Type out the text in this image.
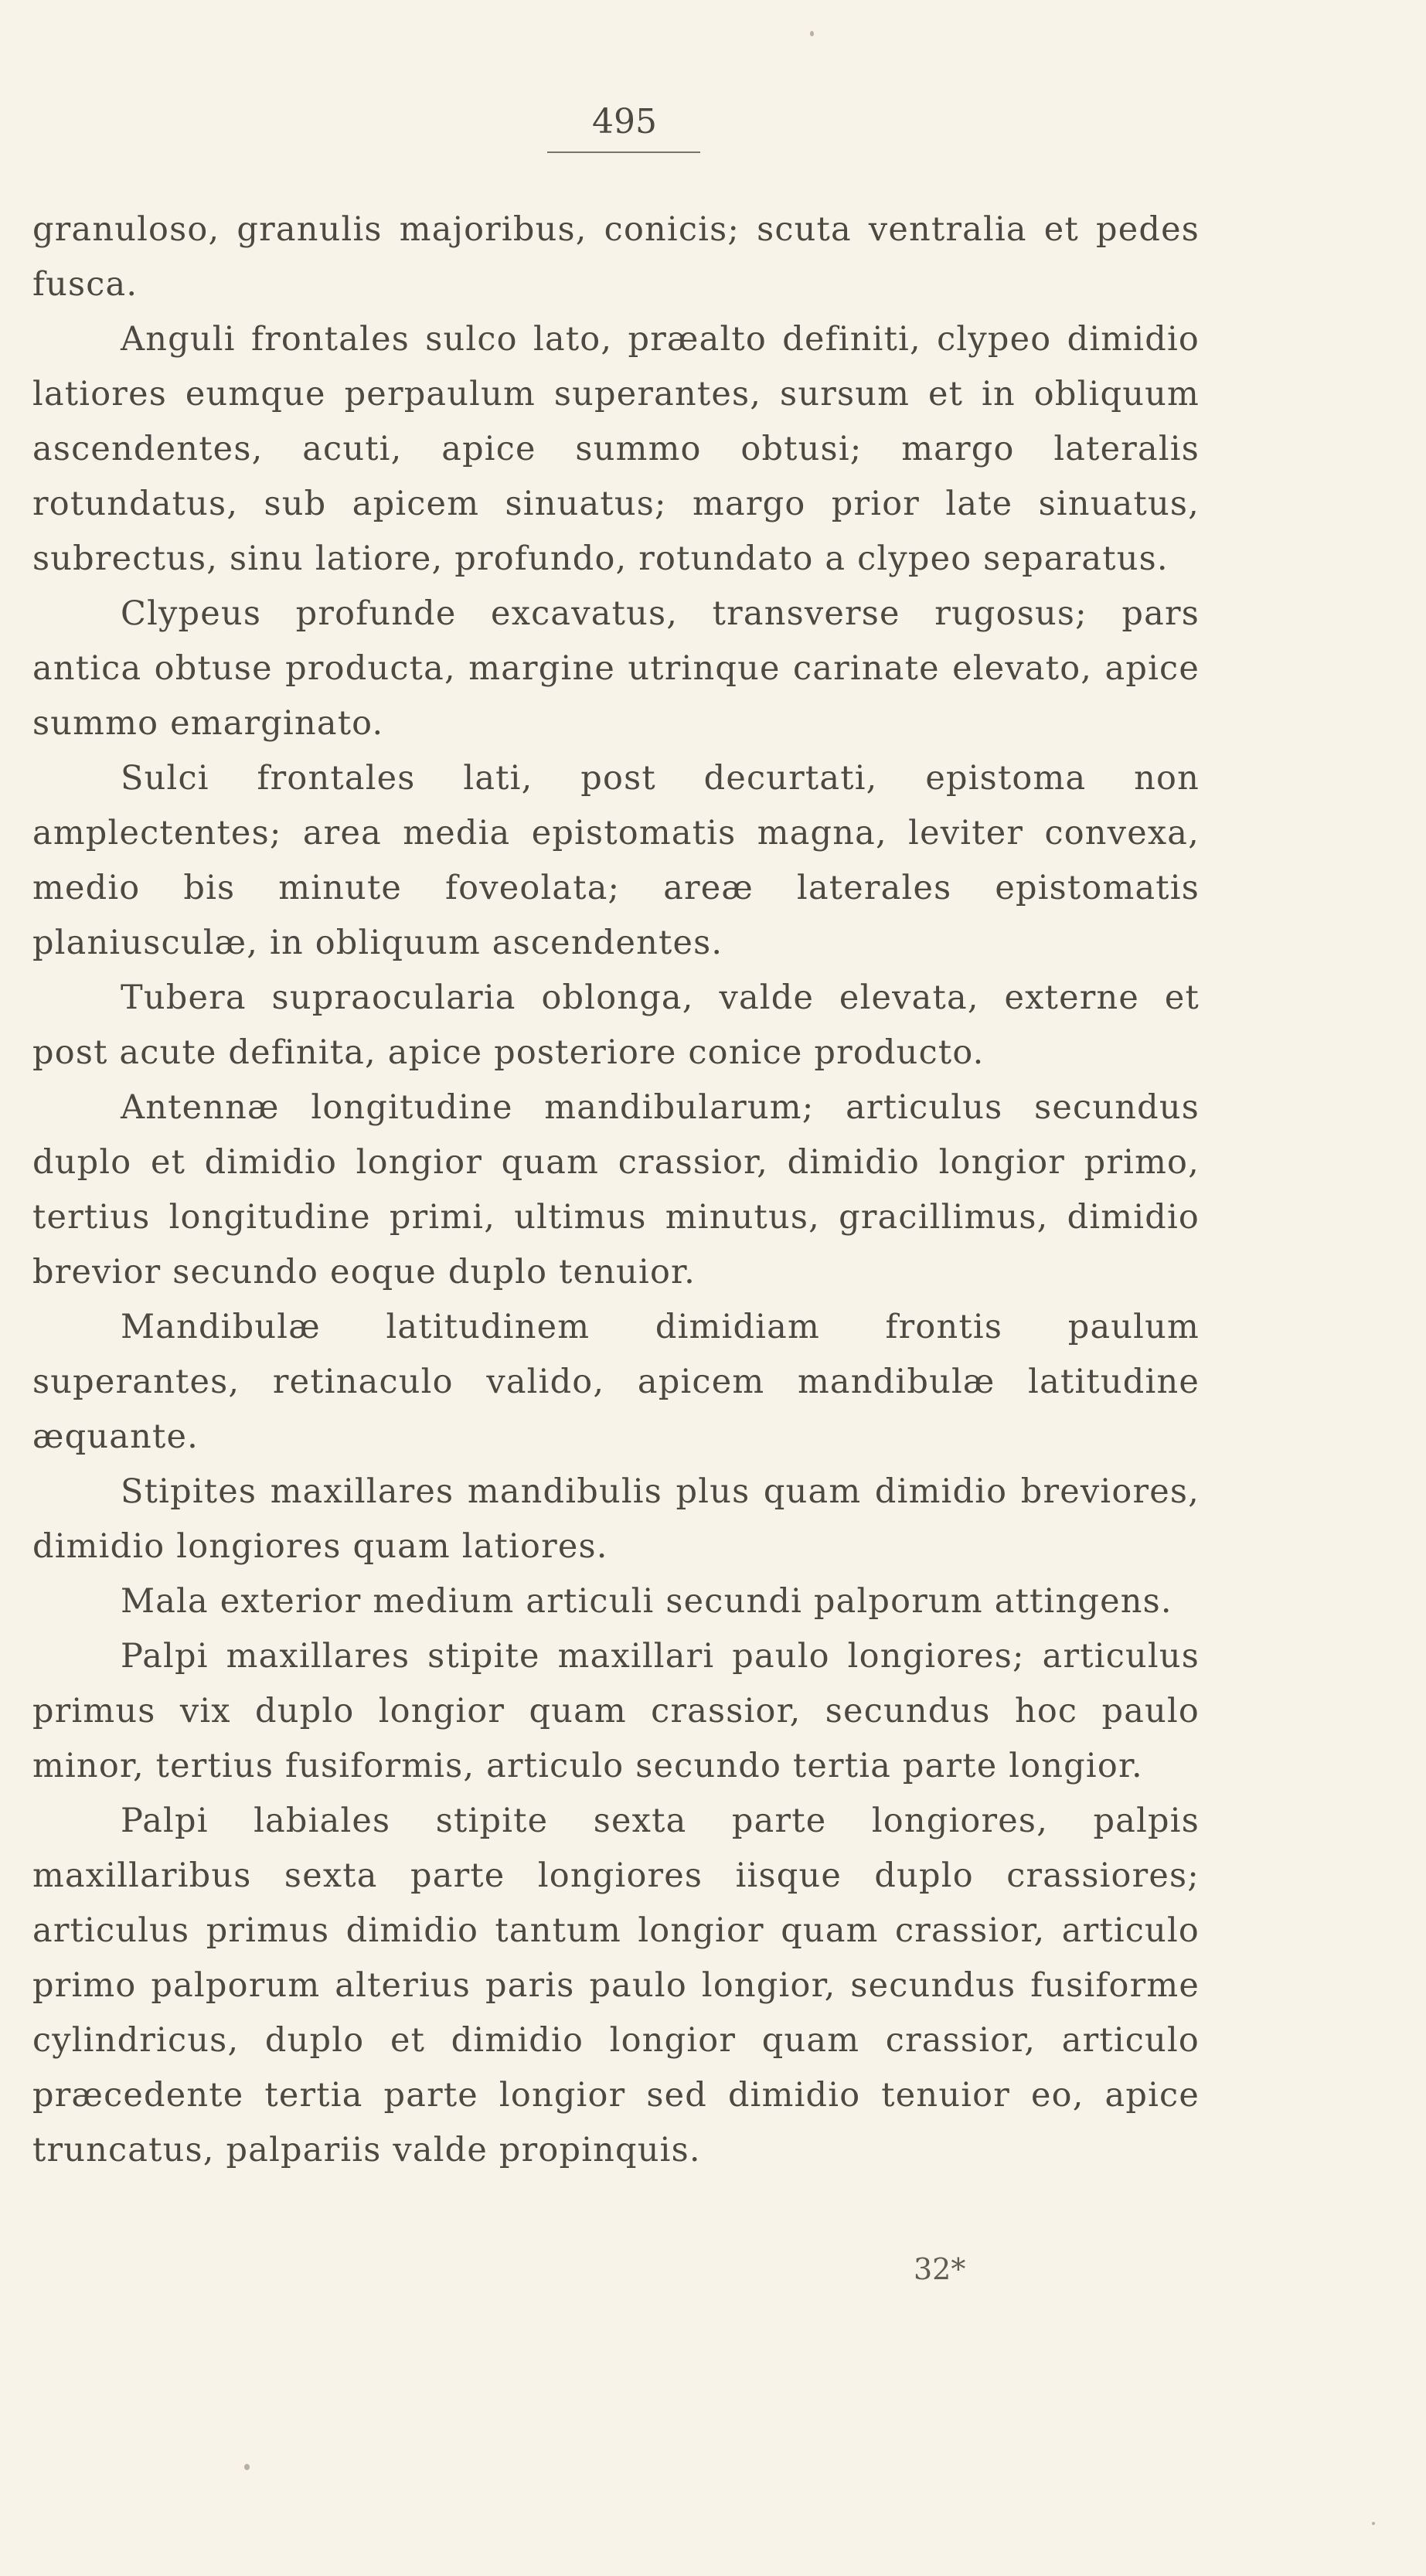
495

granuloso, granulis majoribus, conicis; scuta ventralia et pedes fusca.

Anguli frontales sulco lato, præalto definiti, clypeo dimidio latiores eumque perpaulum superantes, sursum et in obliquum ascendentes, acuti, apice summo obtusi; margo lateralis rotundatus, sub apicem sinuatus; margo prior late sinuatus, subrectus, sinu latiore, profundo, rotundato a clypeo separatus.

Clypeus profunde excavatus, transverse rugosus; pars antica obtuse producta, margine utrinque carinate elevato, apice summo emarginato.

Sulci frontales lati, post decurtati, epistoma non amplectentes; area media epistomatis magna, leviter convexa, medio bis minute foveolata; areæ laterales epistomatis planiusculæ, in obliquum ascendentes.

Tubera supraocularia oblonga, valde elevata, externe et post acute definita, apice posteriore conice producto.

Antennæ longitudine mandibularum; articulus secundus duplo et dimidio longior quam crassior, dimidio longior primo, tertius longitudine primi, ultimus minutus, gracillimus, dimidio brevior secundo eoque duplo tenuior.

Mandibulæ latitudinem dimidiam frontis paulum superantes, retinaculo valido, apicem mandibulæ latitudine æquante.

Stipites maxillares mandibulis plus quam dimidio breviores, dimidio longiores quam latiores.

Mala exterior medium articuli secundi palporum attingens.

Palpi maxillares stipite maxillari paulo longiores; articulus primus vix duplo longior quam crassior, secundus hoc paulo minor, tertius fusiformis, articulo secundo tertia parte longior.

Palpi labiales stipite sexta parte longiores, palpis maxillaribus sexta parte longiores iisque duplo crassiores; articulus primus dimidio tantum longior quam crassior, articulo primo palporum alterius paris paulo longior, secundus fusiforme cylindricus, duplo et dimidio longior quam crassior, articulo præcedente tertia parte longior sed dimidio tenuior eo, apice truncatus, palpariis valde propinquis.

32*
